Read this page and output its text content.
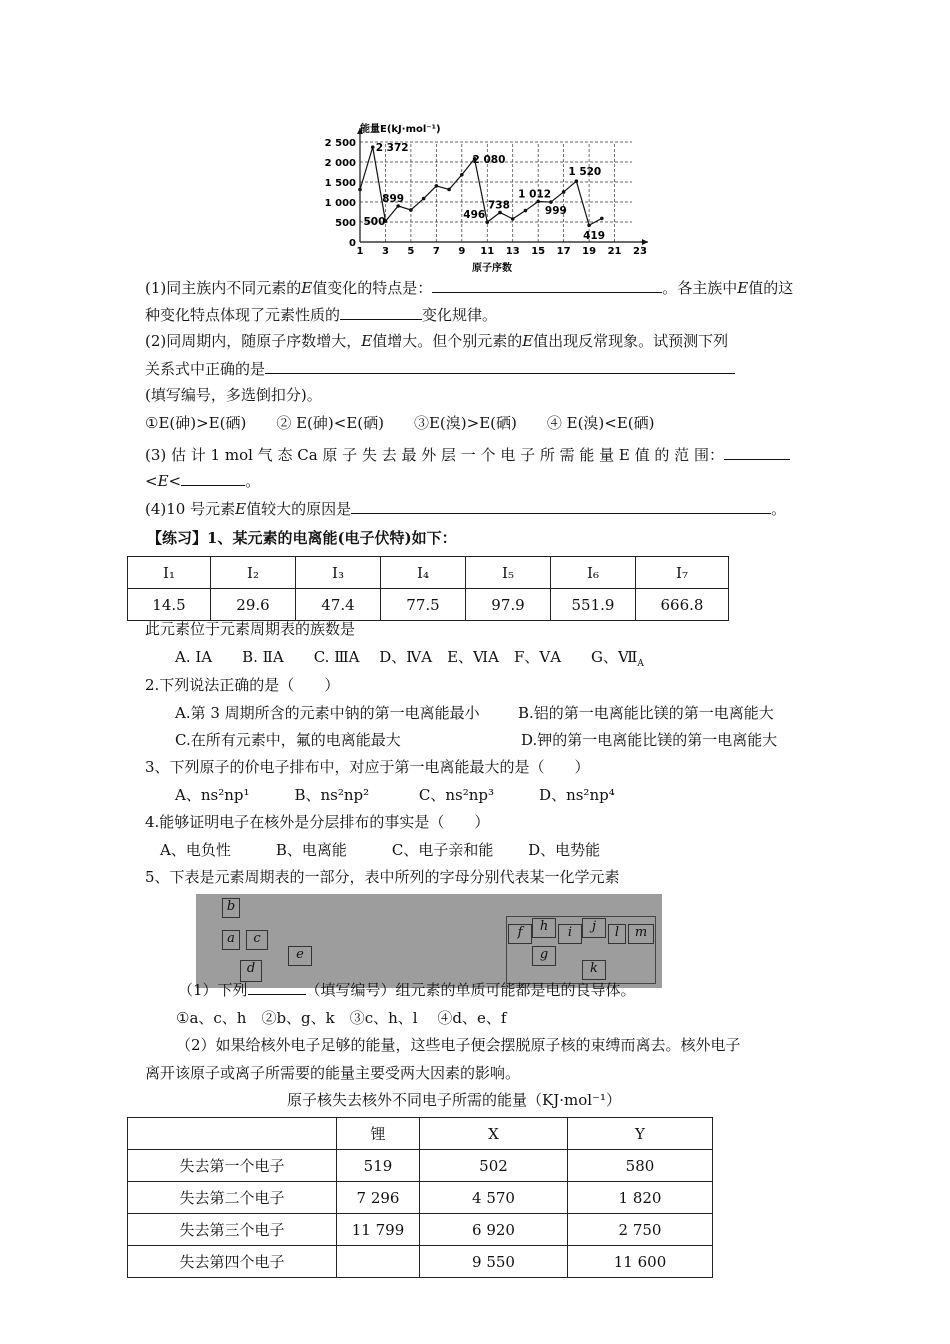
1 3 5 7 9 11 13 15 17 19 21 23
0
500
1 000
1 500
2 000
2 500 2 372
899
500
2 080
496
738
1 012
999
1 520
419
能量E(kJ·mol⁻¹)
原子序数
(1)同主族内不同元素的E值变化的特点是：	。各主族中E值的这
种变化特点体现了元素性质的	变化规律。
(2)同周期内，随原子序数增大，E值增大。但个别元素的E值出现反常现象。试预测下列
关系式中正确的是
(填写编号，多选倒扣分)。
①E(砷)>E(硒)　　② E(砷)<E(硒)　　③E(溴)>E(硒)　　④ E(溴)<E(硒)
(3) 估 计 1 mol 气 态 Ca 原 子 失 去 最 外 层 一 个 电 子 所 需 能 量 E 值 的 范 围：
<E<	。
(4)10 号元素E值较大的原因是	。
【练习】1、某元素的电离能(电子伏特)如下：
I₁	I₂	I₃	I₄	I₅	I₆	I₇
14.5	29.6	47.4	77.5	97.9	551.9	666.8
此元素位于元素周期表的族数是
A. ⅠA　　B. ⅡA　　C. ⅢA　 D、ⅣA　E、ⅥA　F、ⅤA　　G、$Ⅶ_A$
2.下列说法正确的是（　　）
A.第 3 周期所含的元素中钠的第一电离能最小	B.铝的第一电离能比镁的第一电离能大
C.在所有元素中，氟的电离能最大	D.钾的第一电离能比镁的第一电离能大
3、下列原子的价电子排布中，对应于第一电离能最大的是（　　）
A、ns²np¹　　　B、ns²np²　　　 C、ns²np³　　　D、ns²np⁴
4.能够证明电子在核外是分层排布的事实是（　　）
A、电负性　　　B、电离能　　　C、电子亲和能　　 D、电势能
5、下表是元素周期表的一部分，表中所列的字母分别代表某一化学元素
b
a	c
d
e
f	h
g
i	j
k
l	m
（1）下列	（填写编号）组元素的单质可能都是电的良导体。
①a、c、h　②b、g、k　③c、h、l　 ④d、e、f
（2）如果给核外电子足够的能量，这些电子便会摆脱原子核的束缚而离去。核外电子
离开该原子或离子所需要的能量主要受两大因素的影响。
原子核失去核外不同电子所需的能量（KJ·mol⁻¹）
	锂	X	Y
失去第一个电子	519	502	580
失去第二个电子	7 296	4 570	1 820
失去第三个电子	11 799	6 920	2 750
失去第四个电子		9 550	11 600
